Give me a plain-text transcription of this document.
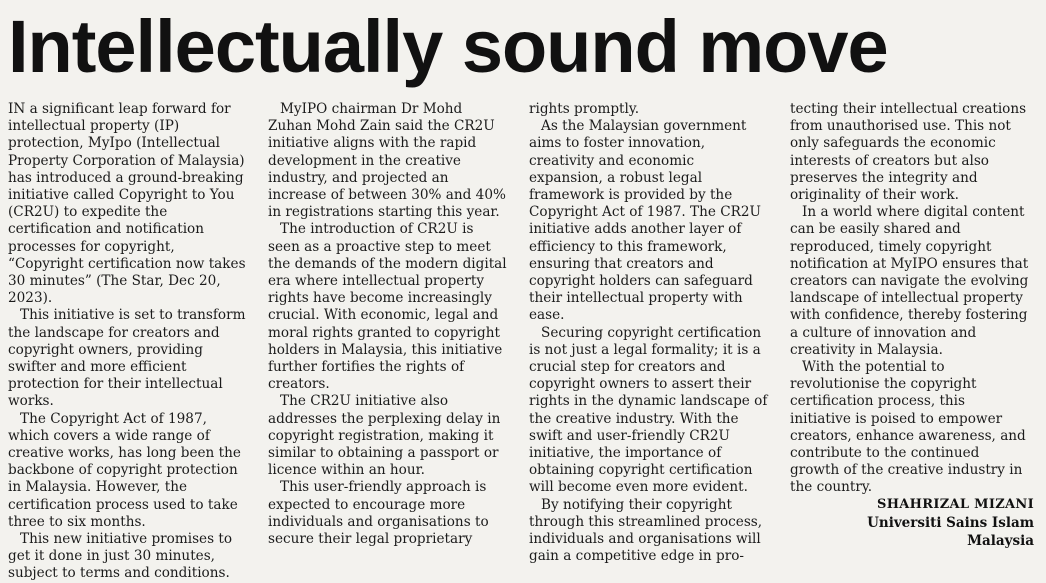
Intellectually sound move

IN a significant leap forward for intellectual property (IP) protection, MyIpo (Intellectual Property Corporation of Malaysia) has introduced a ground-breaking initiative called Copyright to You (CR2U) to expedite the certification and notification processes for copyright, “Copyright certification now takes 30 minutes” (The Star, Dec 20, 2023).

This initiative is set to transform the landscape for creators and copyright owners, providing swifter and more efficient protection for their intellectual works.

The Copyright Act of 1987, which covers a wide range of creative works, has long been the backbone of copyright protection in Malaysia. However, the certification process used to take three to six months.

This new initiative promises to get it done in just 30 minutes, subject to terms and conditions.

MyIPO chairman Dr Mohd Zuhan Mohd Zain said the CR2U initiative aligns with the rapid development in the creative industry, and projected an increase of between 30% and 40% in registrations starting this year.

The introduction of CR2U is seen as a proactive step to meet the demands of the modern digital era where intellectual property rights have become increasingly crucial. With economic, legal and moral rights granted to copyright holders in Malaysia, this initiative further fortifies the rights of creators.

The CR2U initiative also addresses the perplexing delay in copyright registration, making it similar to obtaining a passport or licence within an hour.

This user-friendly approach is expected to encourage more individuals and organisations to secure their legal proprietary

rights promptly.

As the Malaysian government aims to foster innovation, creativity and economic expansion, a robust legal framework is provided by the Copyright Act of 1987. The CR2U initiative adds another layer of efficiency to this framework, ensuring that creators and copyright holders can safeguard their intellectual property with ease.

Securing copyright certification is not just a legal formality; it is a crucial step for creators and copyright owners to assert their rights in the dynamic landscape of the creative industry. With the swift and user-friendly CR2U initiative, the importance of obtaining copyright certification will become even more evident.

By notifying their copyright through this streamlined process, individuals and organisations will gain a competitive edge in pro-

tecting their intellectual creations from unauthorised use. This not only safeguards the economic interests of creators but also preserves the integrity and originality of their work.

In a world where digital content can be easily shared and reproduced, timely copyright notification at MyIPO ensures that creators can navigate the evolving landscape of intellectual property with confidence, thereby fostering a culture of innovation and creativity in Malaysia.

With the potential to revolutionise the copyright certification process, this initiative is poised to empower creators, enhance awareness, and contribute to the continued growth of the creative industry in the country.

SHAHRIZAL MIZANI
Universiti Sains Islam
Malaysia
